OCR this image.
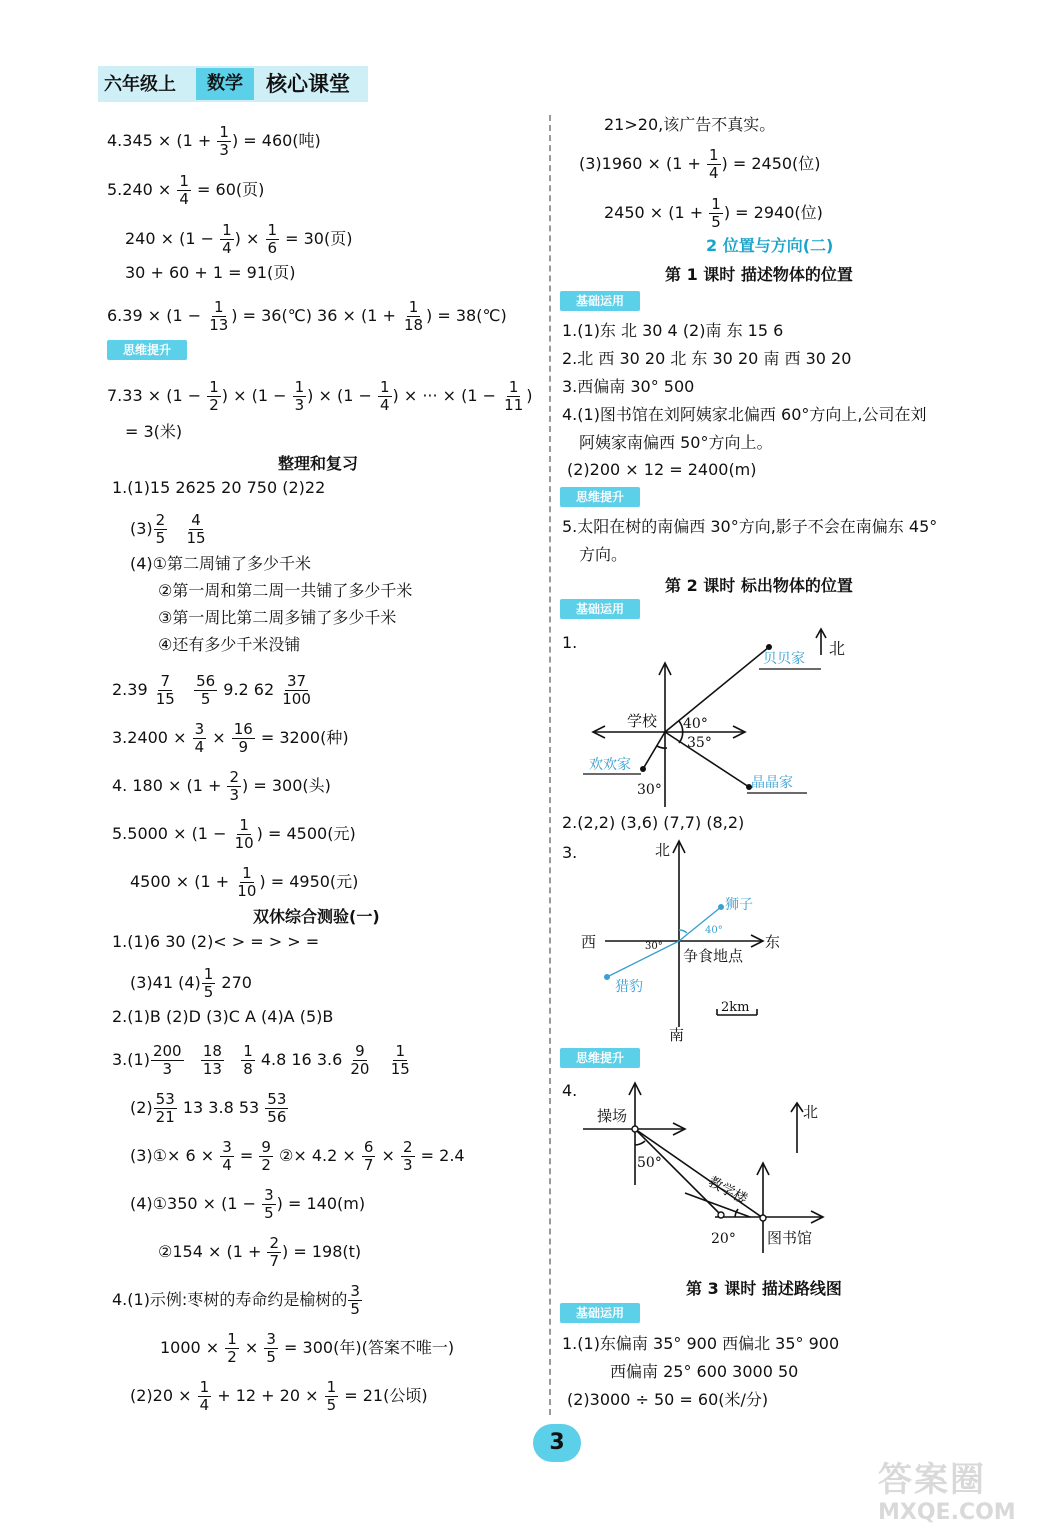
六年级上	数学	核心课堂
$4.345 \times (1 + \frac{1}{3}$ ) = 460(吨)
$5.240 \times \frac{1}{4} = 60$(页)
$240 \times (1 - \frac{1}{4}$ ) × $\frac{1}{6} = 30$(页)
30 + 60 + 1 = 91(页)
$6.39 \times (1 - \frac{1}{13}$ ) = 36(℃) $36 \times (1 + \frac{1}{18}$ ) = 38(℃)
思维提升
$7.33 \times (1 - \frac{1}{2}$ ) × ($1 - \frac{1}{3}$ ) × ($1 - \frac{1}{4}$ ) × ··· × ($1 - \frac{1}{11}$ )
= 3(米)
整理和复习
1.(1)15 2625 20 750 (2)22
$(3) \frac{2}{5}$
$\frac{4}{15}$
(4)①第二周铺了多少千米
②第一周和第二周一共铺了多少千米
③第一周比第二周多铺了多少千米
④还有多少千米没铺
$2.39 \frac{7}{15}$
$\frac{56}{5} 9.2$ $62 \frac{37}{100}$
$3.2400 \times \frac{3}{4} \times \frac{16}{9} = 3200$(种)
4. $180 \times (1 + \frac{2}{3}$ ) = 300(头)
$5.5000 \times (1 - \frac{1}{10}$ ) = 4500(元)
$4500 \times (1 + \frac{1}{10}$ ) = 4950(元)
双休综合测验(一)
1.(1)6 30 (2)< > = > > =
(3)41 $(4) \frac{1}{5} 270$
2.(1)B (2)D (3)C A (4)A (5)B
$3.(1) \frac{200}{3}$
$\frac{18}{13}$
$\frac{1}{8} 4.8$ 16 $3.6 \frac{9}{20}$
$\frac{1}{15}$
$(2) \frac{53}{21} 13$ 3.8 $53 \frac{53}{56}$
(3)①× $6 \times \frac{3}{4} = \frac{9}{2}$ ②× $4.2 \times \frac{6}{7} \times \frac{2}{3} = 2.4$
(4)①350 × ($1 - \frac{3}{5}$ ) = 140(m)
②154 × ($1 + \frac{2}{7}$ ) = 198(t)
4.(1)示例:枣树的寿命约是榆树的 $\frac{3}{5}$
$1000 \times \frac{1}{2} \times \frac{3}{5} = 300$(年)(答案不唯一)
$(2)20 \times \frac{1}{4} + 12 + 20 \times \frac{1}{5} = 21$(公顷)
21>20,该广告不真实。
$(3)1960 \times (1 + \frac{1}{4}$ ) = 2450(位)
$2450 \times (1 + \frac{1}{5}$ ) = 2940(位)
2 位置与方向(二)
第 1 课时 描述物体的位置
基础运用
1.(1)东 北 30 4 (2)南 东 15 6
2.北 西 30 20 北 东 30 20 南 西 30 20
3.西偏南 30° 500
4.(1)图书馆在刘阿姨家北偏西 60°方向上,公司在刘
阿姨家南偏西 50°方向上。
(2)200 × 12 = 2400(m)
思维提升
5.太阳在树的南偏西 30°方向,影子不会在南偏东 45°
方向。
第 2 课时 标出物体的位置
基础运用
1.	北
贝贝家
学校 40°
35°
欢欢家
晶晶家
30°
2.(2,2) (3,6) (7,7) (8,2)
3.	北
南
西	东
狮子
40°
30°
争食地点
猎豹
2km
思维提升
4.
操场	北
50°
教学楼
20° 图书馆
第 3 课时 描述路线图
基础运用
1.(1)东偏南 35° 900 西偏北 35° 900
西偏南 25° 600 3000 50
(2)3000 ÷ 50 = 60(米/分)
3
答案圈
MXQE.COM
